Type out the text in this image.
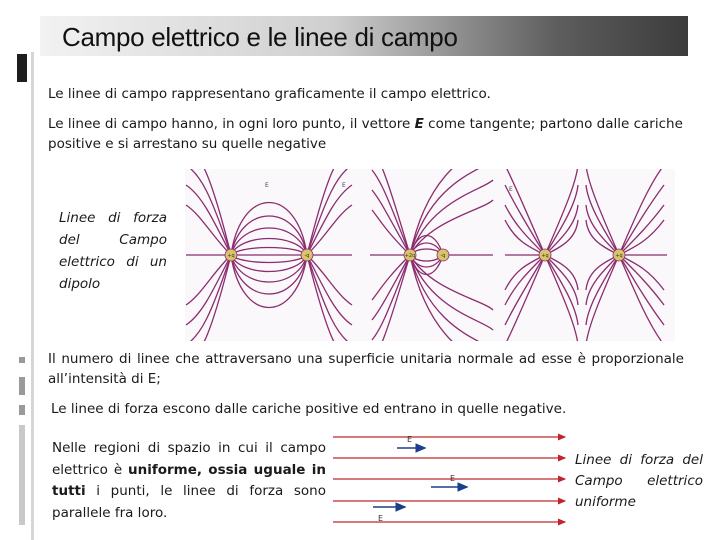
Campo elettrico e le linee di campo
Le linee di campo rappresentano graficamente il campo elettrico.
Le linee di campo hanno, in ogni loro punto, il vettore E come tangente; partono dalle cariche positive e si arrestano su quelle negative
+q	-q	+2q	-q	+q	+q
E	E
E
Linee di forza del Campo elettrico di un dipolo
Il numero di linee che attraversano una superficie unitaria normale ad esse è proporzionale all’intensità di E;
Le linee di forza escono dalle cariche positive ed entrano in quelle negative.
Nelle regioni di spazio in cui il campo elettrico è uniforme, ossia uguale in tutti i punti, le linee di forza sono parallele fra loro.
E
E
E
Linee di forza del Campo elettrico uniforme
